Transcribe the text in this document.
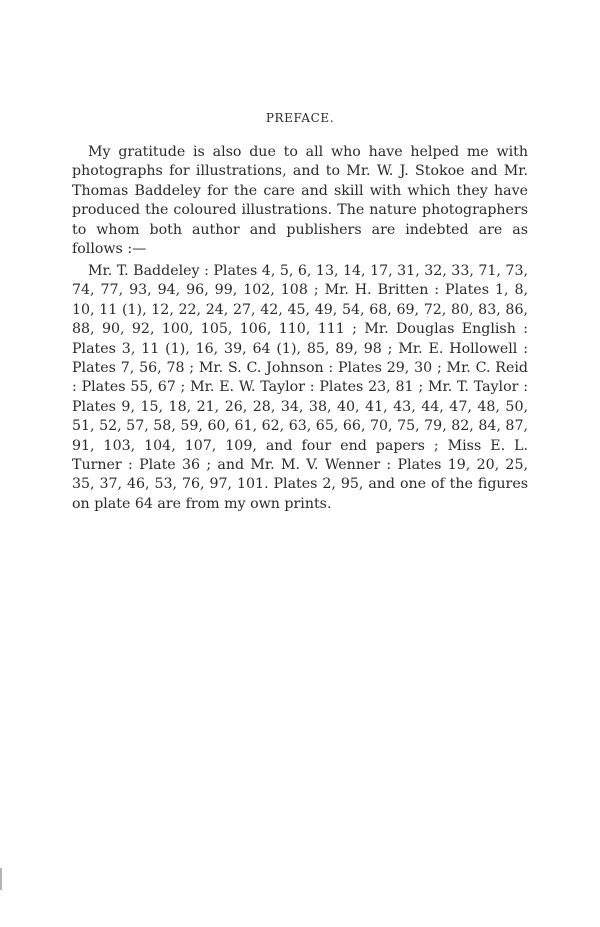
PREFACE.

My gratitude is also due to all who have helped me with photographs for illustrations, and to Mr. W. J. Stokoe and Mr. Thomas Baddeley for the care and skill with which they have produced the coloured illustrations. The nature photographers to whom both author and publishers are indebted are as follows :—

Mr. T. Baddeley : Plates 4, 5, 6, 13, 14, 17, 31, 32, 33, 71, 73, 74, 77, 93, 94, 96, 99, 102, 108 ; Mr. H. Britten : Plates 1, 8, 10, 11 (1), 12, 22, 24, 27, 42, 45, 49, 54, 68, 69, 72, 80, 83, 86, 88, 90, 92, 100, 105, 106, 110, 111 ; Mr. Douglas English : Plates 3, 11 (1), 16, 39, 64 (1), 85, 89, 98 ; Mr. E. Hollowell : Plates 7, 56, 78 ; Mr. S. C. Johnson : Plates 29, 30 ; Mr. C. Reid : Plates 55, 67 ; Mr. E. W. Taylor : Plates 23, 81 ; Mr. T. Taylor : Plates 9, 15, 18, 21, 26, 28, 34, 38, 40, 41, 43, 44, 47, 48, 50, 51, 52, 57, 58, 59, 60, 61, 62, 63, 65, 66, 70, 75, 79, 82, 84, 87, 91, 103, 104, 107, 109, and four end papers ; Miss E. L. Turner : Plate 36 ; and Mr. M. V. Wenner : Plates 19, 20, 25, 35, 37, 46, 53, 76, 97, 101. Plates 2, 95, and one of the figures on plate 64 are from my own prints.
